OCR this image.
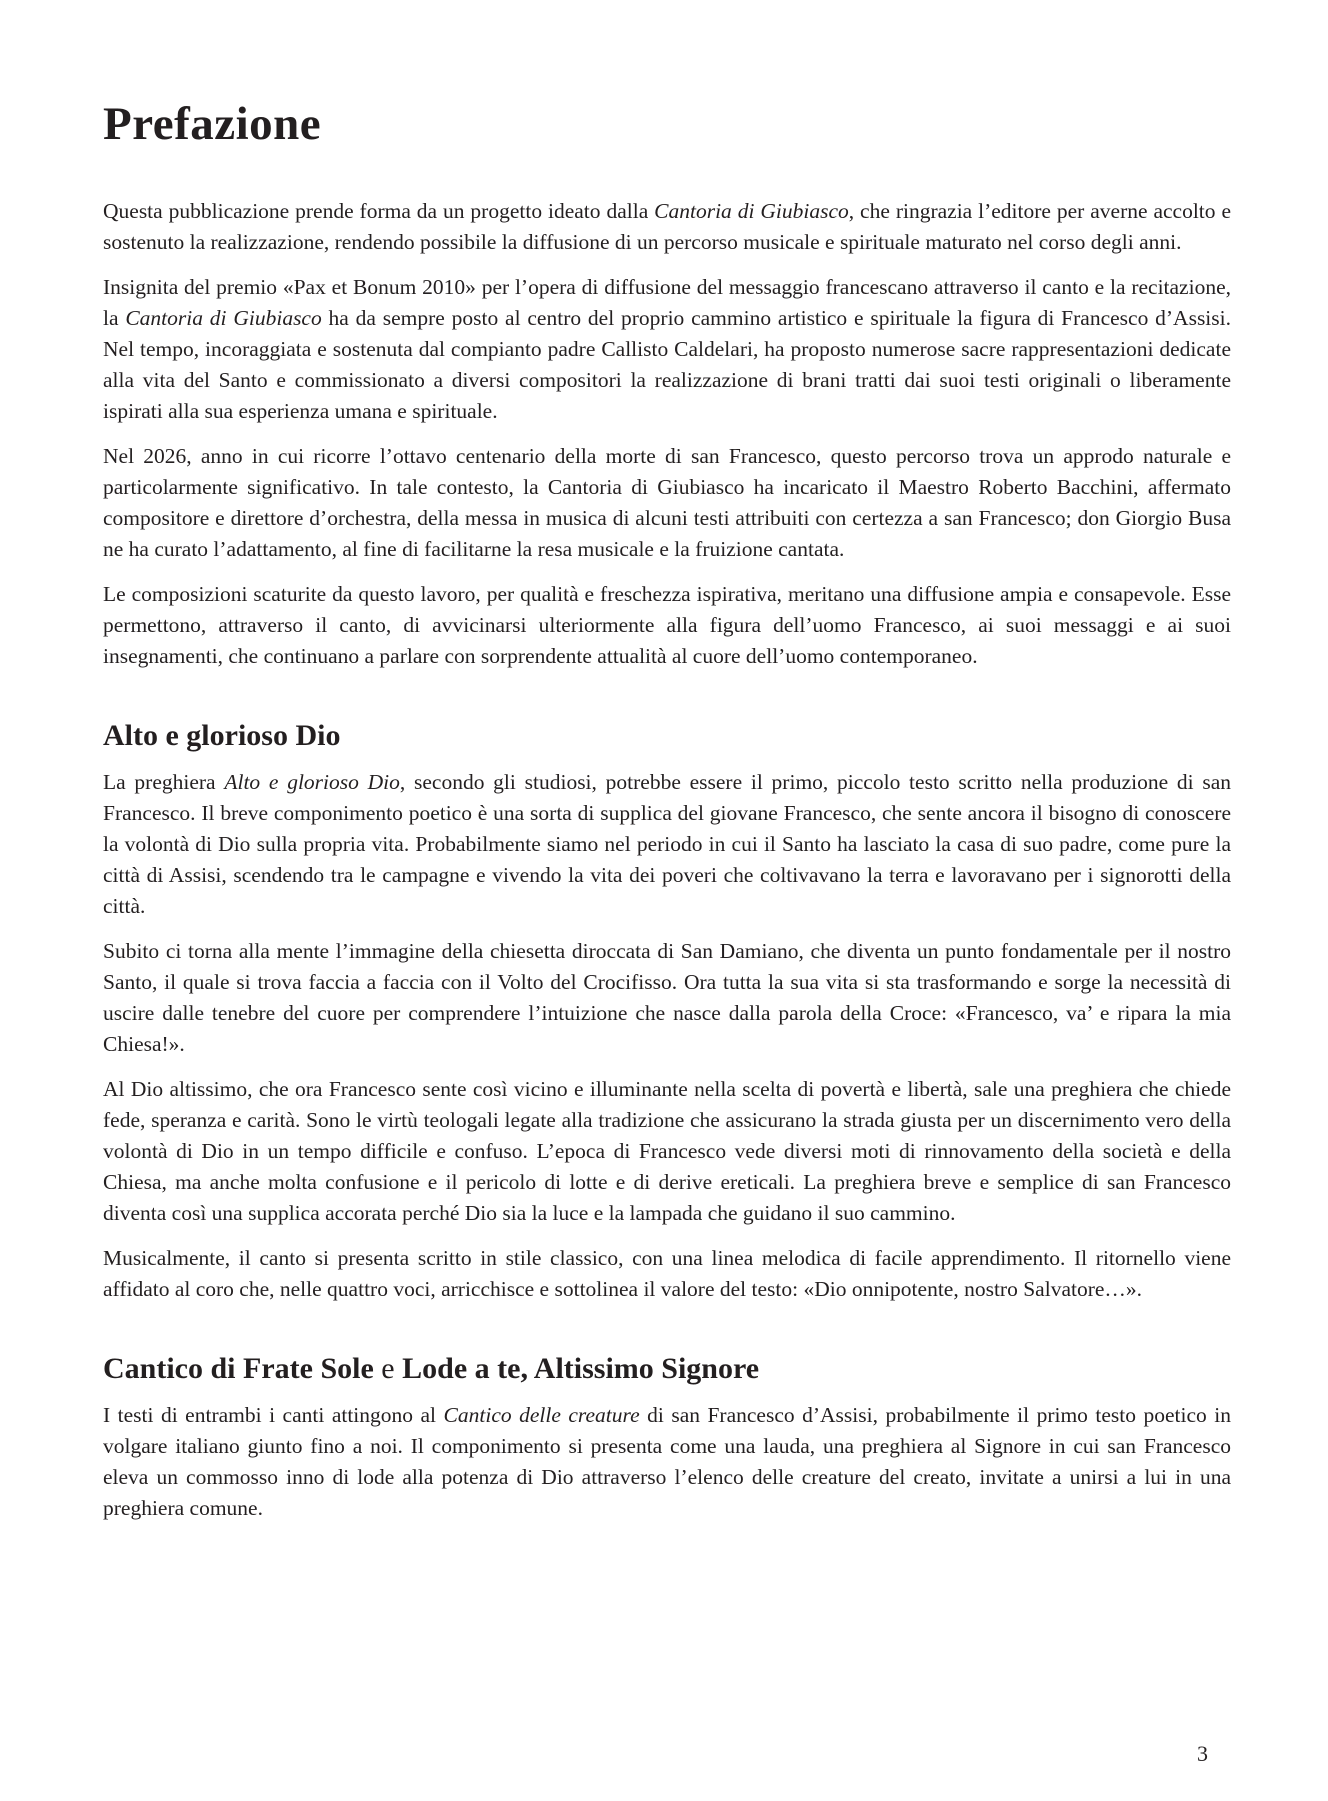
Prefazione

Questa pubblicazione prende forma da un progetto ideato dalla Cantoria di Giubiasco, che ringrazia l’editore per averne accolto e sostenuto la realizzazione, rendendo possibile la diffusione di un percorso musicale e spirituale maturato nel corso degli anni.

Insignita del premio «Pax et Bonum 2010» per l’opera di diffusione del messaggio francescano attraverso il canto e la recitazione, la Cantoria di Giubiasco ha da sempre posto al centro del proprio cammino artistico e spirituale la figura di Francesco d’Assisi. Nel tempo, incoraggiata e sostenuta dal compianto padre Callisto Caldelari, ha proposto numerose sacre rappresentazioni dedicate alla vita del Santo e commissionato a diversi compositori la realizzazione di brani tratti dai suoi testi originali o liberamente ispirati alla sua esperienza umana e spirituale.

Nel 2026, anno in cui ricorre l’ottavo centenario della morte di san Francesco, questo percorso trova un approdo naturale e particolarmente significativo. In tale contesto, la Cantoria di Giubiasco ha incaricato il Maestro Roberto Bacchini, affermato compositore e direttore d’orchestra, della messa in musica di alcuni testi attribuiti con certezza a san Francesco; don Giorgio Busa ne ha curato l’adattamento, al fine di facilitarne la resa musicale e la fruizione cantata.

Le composizioni scaturite da questo lavoro, per qualità e freschezza ispirativa, meritano una diffusione ampia e consapevole. Esse permettono, attraverso il canto, di avvicinarsi ulteriormente alla figura dell’uomo Francesco, ai suoi messaggi e ai suoi insegnamenti, che continuano a parlare con sorprendente attualità al cuore dell’uomo contemporaneo.

Alto e glorioso Dio

La preghiera Alto e glorioso Dio, secondo gli studiosi, potrebbe essere il primo, piccolo testo scritto nella produzione di san Francesco. Il breve componimento poetico è una sorta di supplica del giovane Francesco, che sente ancora il bisogno di conoscere la volontà di Dio sulla propria vita. Probabilmente siamo nel periodo in cui il Santo ha lasciato la casa di suo padre, come pure la città di Assisi, scendendo tra le campagne e vivendo la vita dei poveri che coltivavano la terra e lavoravano per i signorotti della città.

Subito ci torna alla mente l’immagine della chiesetta diroccata di San Damiano, che diventa un punto fondamentale per il nostro Santo, il quale si trova faccia a faccia con il Volto del Crocifisso. Ora tutta la sua vita si sta trasformando e sorge la necessità di uscire dalle tenebre del cuore per comprendere l’intuizione che nasce dalla parola della Croce: «Francesco, va’ e ripara la mia Chiesa!».

Al Dio altissimo, che ora Francesco sente così vicino e illuminante nella scelta di povertà e libertà, sale una preghiera che chiede fede, speranza e carità. Sono le virtù teologali legate alla tradizione che assicurano la strada giusta per un discernimento vero della volontà di Dio in un tempo difficile e confuso. L’epoca di Francesco vede diversi moti di rinnovamento della società e della Chiesa, ma anche molta confusione e il pericolo di lotte e di derive ereticali. La preghiera breve e semplice di san Francesco diventa così una supplica accorata perché Dio sia la luce e la lampada che guidano il suo cammino.

Musicalmente, il canto si presenta scritto in stile classico, con una linea melodica di facile apprendimento. Il ritornello viene affidato al coro che, nelle quattro voci, arricchisce e sottolinea il valore del testo: «Dio onnipotente, nostro Salvatore…».

Cantico di Frate Sole e Lode a te, Altissimo Signore

I testi di entrambi i canti attingono al Cantico delle creature di san Francesco d’Assisi, probabilmente il primo testo poetico in volgare italiano giunto fino a noi. Il componimento si presenta come una lauda, una preghiera al Signore in cui san Francesco eleva un commosso inno di lode alla potenza di Dio attraverso l’elenco delle creature del creato, invitate a unirsi a lui in una preghiera comune.

3
